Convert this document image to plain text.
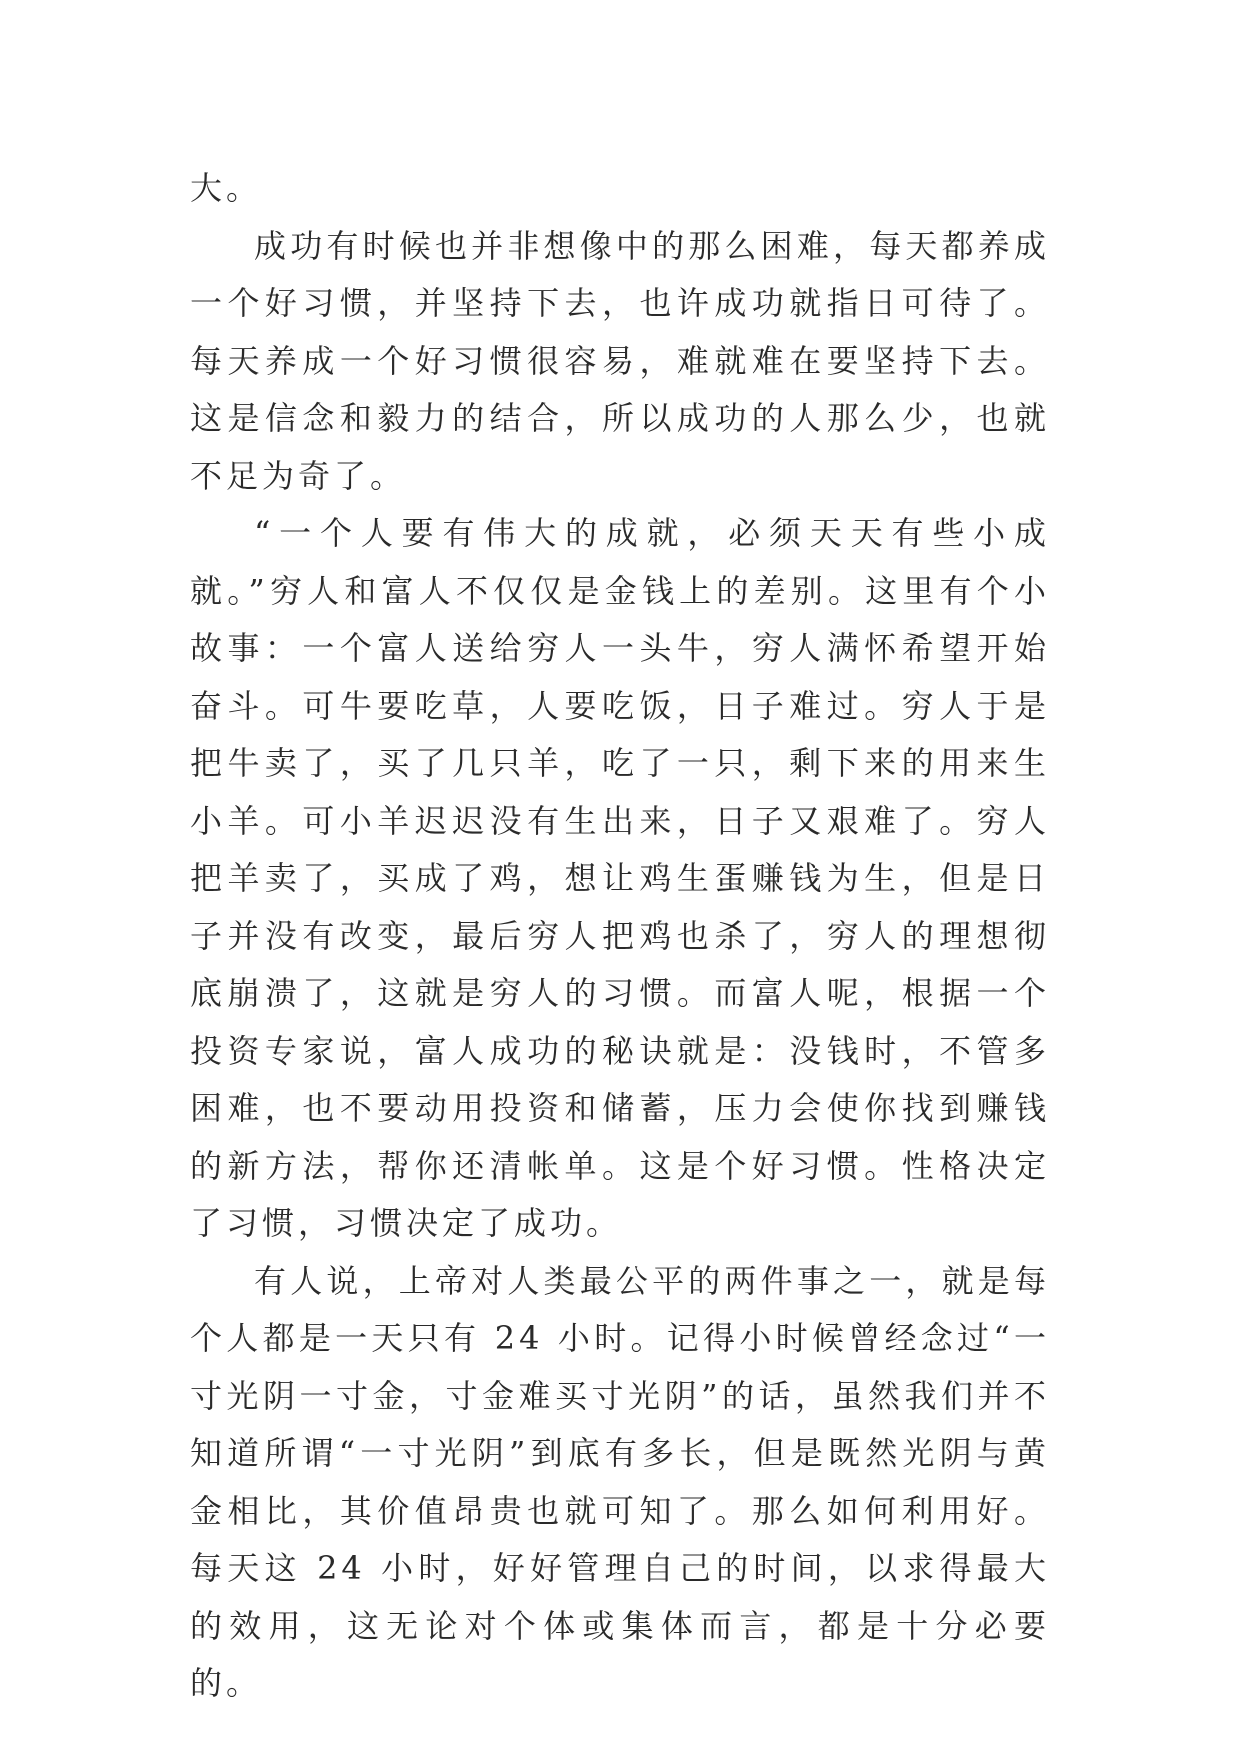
大。

成功有时候也并非想像中的那么困难，每天都养成一个好习惯，并坚持下去，也许成功就指日可待了。每天养成一个好习惯很容易，难就难在要坚持下去。这是信念和毅力的结合，所以成功的人那么少，也就不足为奇了。

“一个人要有伟大的成就，必须天天有些小成就。”穷人和富人不仅仅是金钱上的差别。这里有个小故事：一个富人送给穷人一头牛，穷人满怀希望开始奋斗。可牛要吃草，人要吃饭，日子难过。穷人于是把牛卖了，买了几只羊，吃了一只，剩下来的用来生小羊。可小羊迟迟没有生出来，日子又艰难了。穷人把羊卖了，买成了鸡，想让鸡生蛋赚钱为生，但是日子并没有改变，最后穷人把鸡也杀了，穷人的理想彻底崩溃了，这就是穷人的习惯。而富人呢，根据一个投资专家说，富人成功的秘诀就是：没钱时，不管多困难，也不要动用投资和储蓄，压力会使你找到赚钱的新方法，帮你还清帐单。这是个好习惯。性格决定了习惯，习惯决定了成功。

有人说，上帝对人类最公平的两件事之一，就是每个人都是一天只有 24 小时。记得小时候曾经念过“一寸光阴一寸金，寸金难买寸光阴”的话，虽然我们并不知道所谓“一寸光阴”到底有多长，但是既然光阴与黄金相比，其价值昂贵也就可知了。那么如何利用好。每天这 24 小时，好好管理自己的时间，以求得最大的效用，这无论对个体或集体而言，都是十分必要的。
